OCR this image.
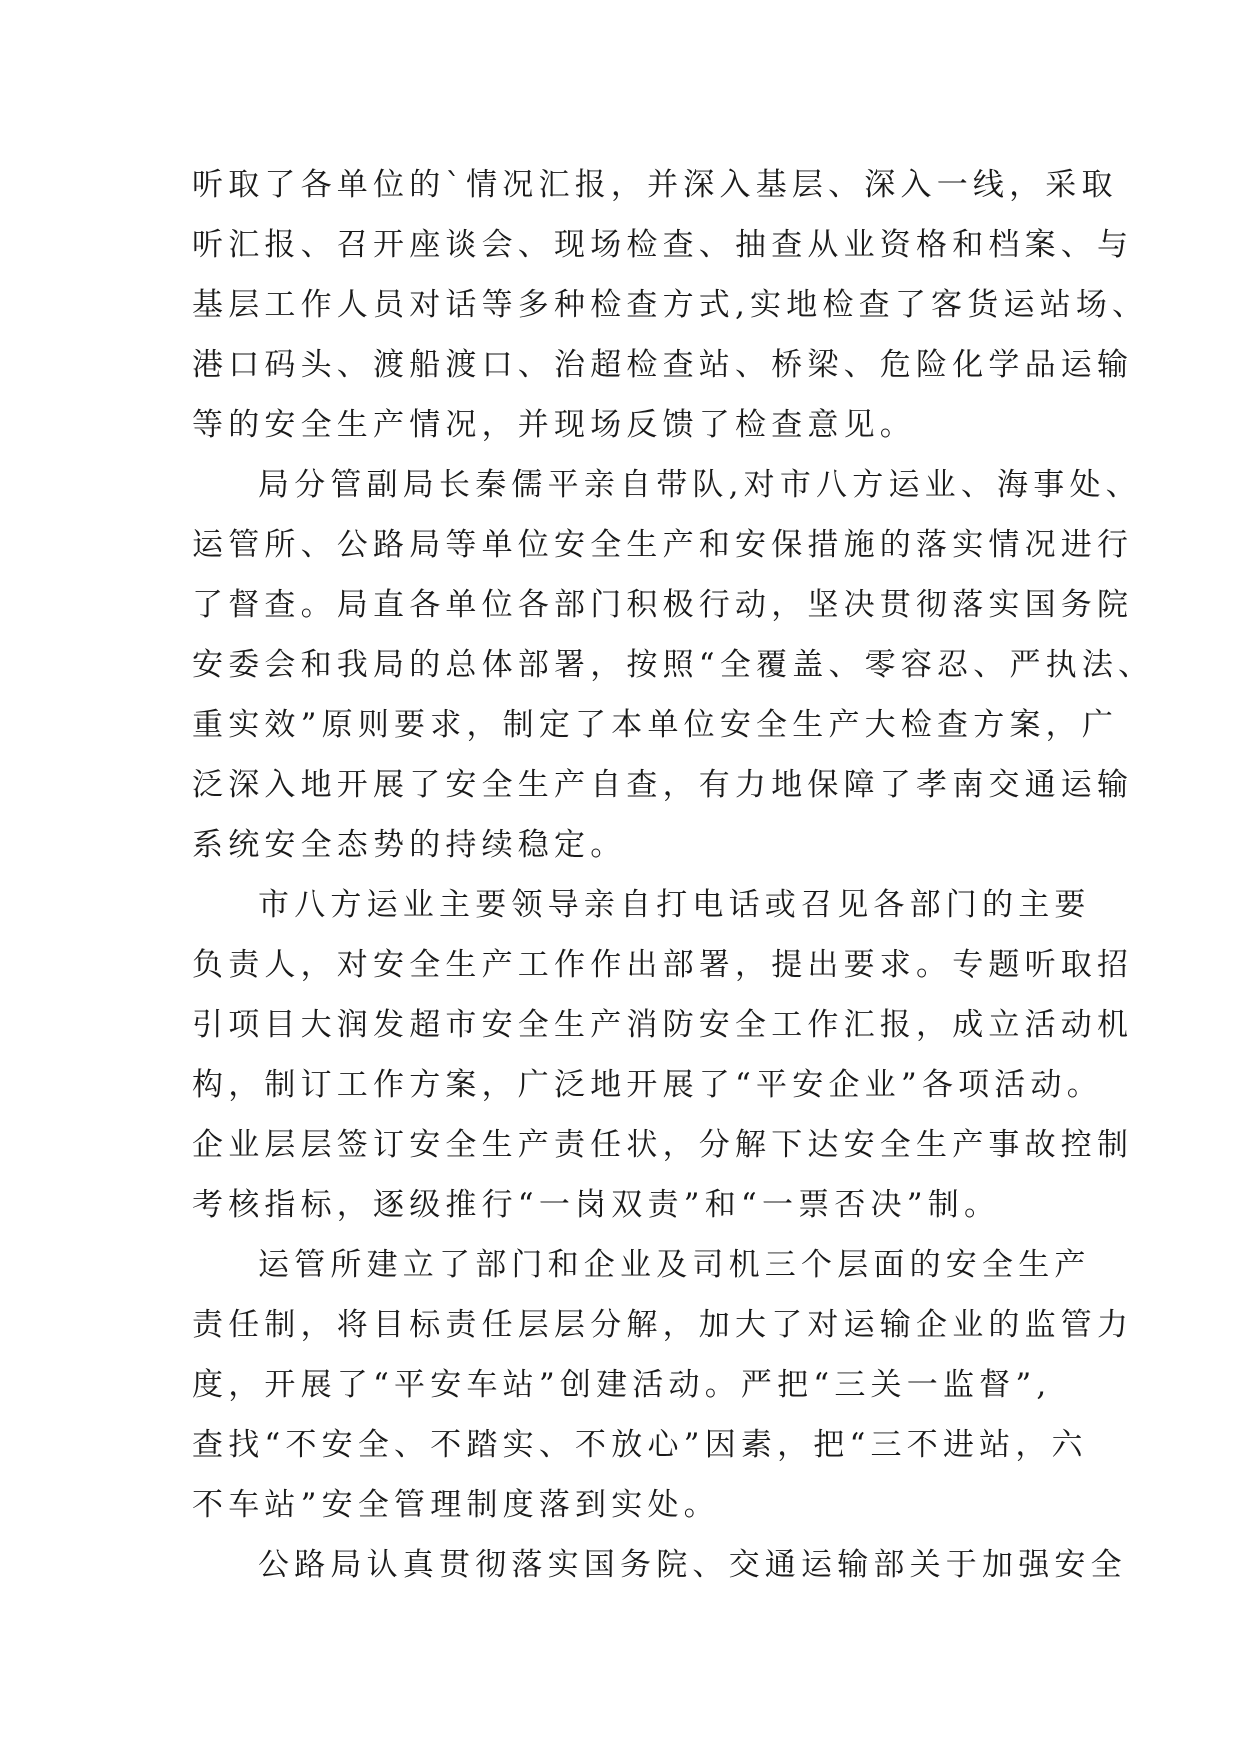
听取了各单位的`情况汇报，并深入基层、深入一线，采取
听汇报、召开座谈会、现场检查、抽查从业资格和档案、与
基层工作人员对话等多种检查方式,实地检查了客货运站场、
港口码头、渡船渡口、治超检查站、桥梁、危险化学品运输
等的安全生产情况，并现场反馈了检查意见。
局分管副局长秦儒平亲自带队,对市八方运业、海事处、
运管所、公路局等单位安全生产和安保措施的落实情况进行
了督查。局直各单位各部门积极行动，坚决贯彻落实国务院
安委会和我局的总体部署，按照“全覆盖、零容忍、严执法、
重实效”原则要求，制定了本单位安全生产大检查方案，广
泛深入地开展了安全生产自查，有力地保障了孝南交通运输
系统安全态势的持续稳定。
市八方运业主要领导亲自打电话或召见各部门的主要
负责人，对安全生产工作作出部署，提出要求。专题听取招
引项目大润发超市安全生产消防安全工作汇报，成立活动机
构，制订工作方案，广泛地开展了“平安企业”各项活动。
企业层层签订安全生产责任状，分解下达安全生产事故控制
考核指标，逐级推行“一岗双责”和“一票否决”制。
运管所建立了部门和企业及司机三个层面的安全生产
责任制，将目标责任层层分解，加大了对运输企业的监管力
度，开展了“平安车站”创建活动。严把“三关一监督”,
查找“不安全、不踏实、不放心”因素，把“三不进站，六
不车站”安全管理制度落到实处。
公路局认真贯彻落实国务院、交通运输部关于加强安全
